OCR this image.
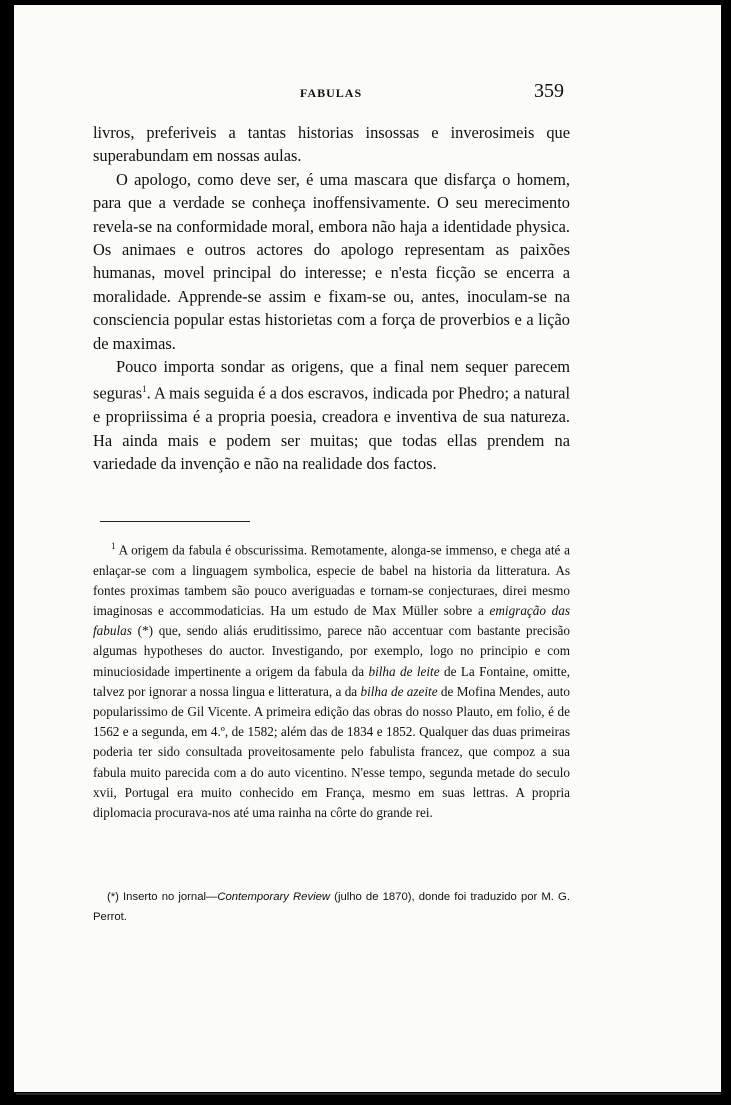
FABULAS	359

livros, preferiveis a tantas historias insossas e inverosimeis que superabundam em nossas aulas.

O apologo, como deve ser, é uma mascara que disfarça o homem, para que a verdade se conheça inoffensivamente. O seu merecimento revela-se na conformidade moral, embora não haja a identidade physica. Os animaes e outros actores do apologo representam as paixões humanas, movel principal do interesse; e n'esta ficção se encerra a moralidade. Apprende-se assim e fixam-se ou, antes, inoculam-se na consciencia popular estas historietas com a força de proverbios e a lição de maximas.

Pouco importa sondar as origens, que a final nem sequer parecem seguras$^1$. A mais seguida é a dos escravos, indicada por Phedro; a natural e propriissima é a propria poesia, creadora e inventiva de sua natureza. Ha ainda mais e podem ser muitas; que todas ellas prendem na variedade da invenção e não na realidade dos factos.

$^1$ A origem da fabula é obscurissima. Remotamente, alonga-se immenso, e chega até a enlaçar-se com a linguagem symbolica, especie de babel na historia da litteratura. As fontes proximas tambem são pouco averiguadas e tornam-se conjecturaes, direi mesmo imaginosas e accommodaticias. Ha um estudo de Max Müller sobre a emigração das fabulas (*) que, sendo aliás eruditissimo, parece não accentuar com bastante precisão algumas hypotheses do auctor. Investigando, por exemplo, logo no principio e com minuciosidade impertinente a origem da fabula da bilha de leite de La Fontaine, omitte, talvez por ignorar a nossa lingua e litteratura, a da bilha de azeite de Mofina Mendes, auto popularissimo de Gil Vicente. A primeira edição das obras do nosso Plauto, em folio, é de 1562 e a segunda, em 4.º, de 1582; além das de 1834 e 1852. Qualquer das duas primeiras poderia ter sido consultada proveitosamente pelo fabulista francez, que compoz a sua fabula muito parecida com a do auto vicentino. N'esse tempo, segunda metade do seculo xvii, Portugal era muito conhecido em França, mesmo em suas lettras. A propria diplomacia procurava-nos até uma rainha na côrte do grande rei.

(*) Inserto no jornal—Contemporary Review (julho de 1870), donde foi traduzido por M. G. Perrot.
